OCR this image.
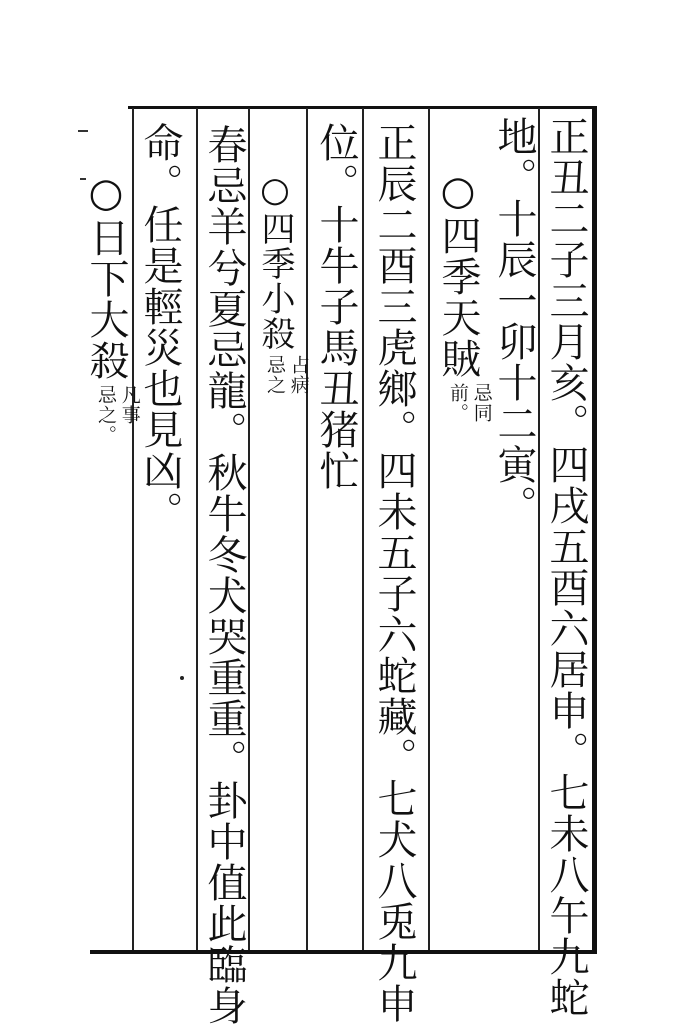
正丑二子三月亥。四戌五酉六居申。七未八午九蛇
地。十辰一卯十二寅。
○四季天賊
忌同
前。
正辰二酉三虎鄉。四未五子六蛇藏。七犬八兎九申
位。十牛子馬丑猪忙
○四季小殺
占病
忌之
春忌羊兮夏忌龍。秋牛冬犬哭重重。卦中值此臨身
命。任是輕災也見凶。
○日下大殺
凡事
忌之。
